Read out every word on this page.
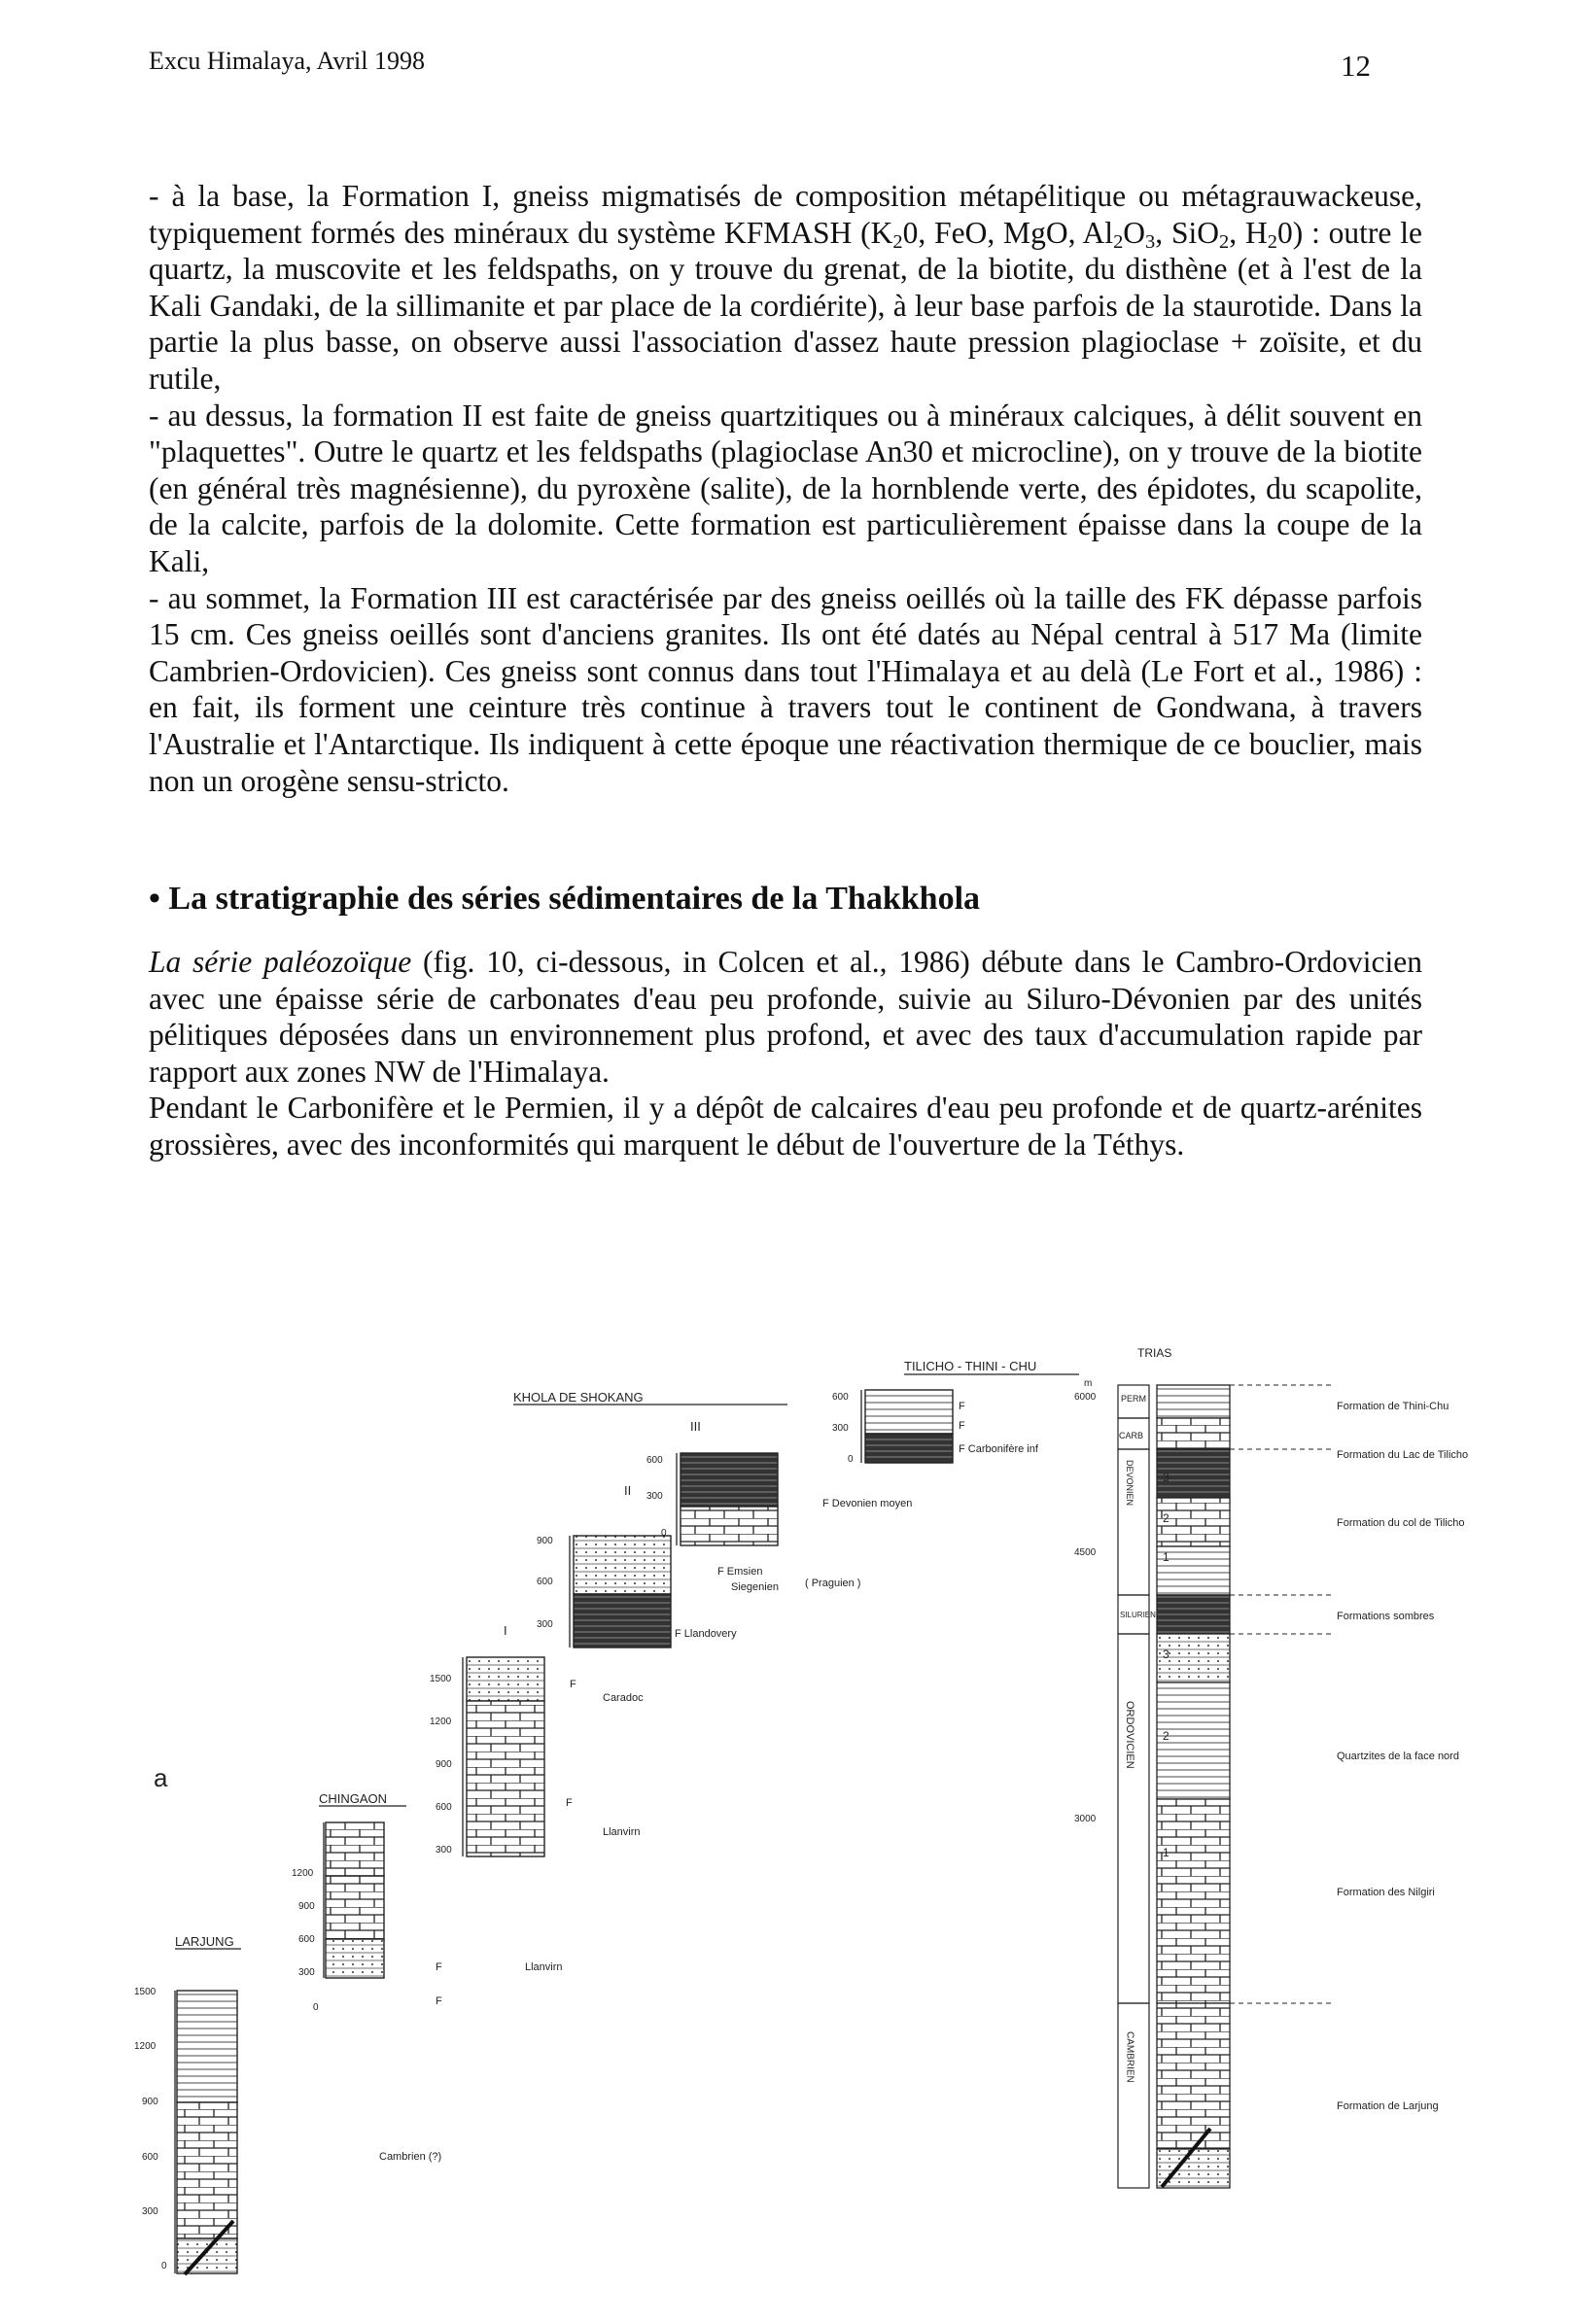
Excu Himalaya, Avril 1998	12

- à la base, la Formation I, gneiss migmatisés de composition métapélitique ou métagrauwackeuse, typiquement formés des minéraux du système KFMASH ($K_20$, FeO, MgO, $Al_2O_3$, SiO$_2$, $H_20$) : outre le quartz, la muscovite et les feldspaths, on y trouve du grenat, de la biotite, du disthène (et à l'est de la Kali Gandaki, de la sillimanite et par place de la cordiérite), à leur base parfois de la staurotide. Dans la partie la plus basse, on observe aussi l'association d'assez haute pression plagioclase + zoïsite, et du rutile,

- au dessus, la formation II est faite de gneiss quartzitiques ou à minéraux calciques, à délit souvent en "plaquettes". Outre le quartz et les feldspaths (plagioclase An30 et microcline), on y trouve de la biotite (en général très magnésienne), du pyroxène (salite), de la hornblende verte, des épidotes, du scapolite, de la calcite, parfois de la dolomite. Cette formation est particulièrement épaisse dans la coupe de la Kali,

- au sommet, la Formation III est caractérisée par des gneiss oeillés où la taille des FK dépasse parfois 15 cm. Ces gneiss oeillés sont d'anciens granites. Ils ont été datés au Népal central à 517 Ma (limite Cambrien-Ordovicien). Ces gneiss sont connus dans tout l'Himalaya et au delà (Le Fort et al., 1986) : en fait, ils forment une ceinture très continue à travers tout le continent de Gondwana, à travers l'Australie et l'Antarctique. Ils indiquent à cette époque une réactivation thermique de ce bouclier, mais non un orogène sensu-stricto.

• La stratigraphie des séries sédimentaires de la Thakkhola

La série paléozoïque (fig. 10, ci-dessous, in Colcen et al., 1986) débute dans le Cambro-Ordovicien avec une épaisse série de carbonates d'eau peu profonde, suivie au Siluro-Dévonien par des unités pélitiques déposées dans un environnement plus profond, et avec des taux d'accumulation rapide par rapport aux zones NW de l'Himalaya.

Pendant le Carbonifère et le Permien, il y a dépôt de calcaires d'eau peu profonde et de quartz-arénites grossières, avec des inconformités qui marquent le début de l'ouverture de la Téthys.

LARJUNG
1500
1200
900
600
300
0
a
CHINGAON
1200
900
600
300
0
F
F
Llanvirn
Cambrien (?)
KHOLA DE SHOKANG
I
1500
1200
900
600
300
F
Caradoc
Llanvirn
F
II
900
600
300
F Llandovery
III
600
300
0
F Emsien
Siegenien ( Praguien )
F Devonien moyen
TILICHO - THINI - CHU
600
300
0
F Carbonifère inf
F
F
TRIAS
m
6000
4500
3000
PERM
CARB
DEVONIEN
SILURIEN
ORDOVICIEN
CAMBRIEN
3
2
1
3
2
1
Formation de Thini-Chu
Formation du Lac de Tilicho
Formation du col de Tilicho
Formations sombres
Quartzites de la face nord
Formation des Nilgiri
Formation de Larjung
